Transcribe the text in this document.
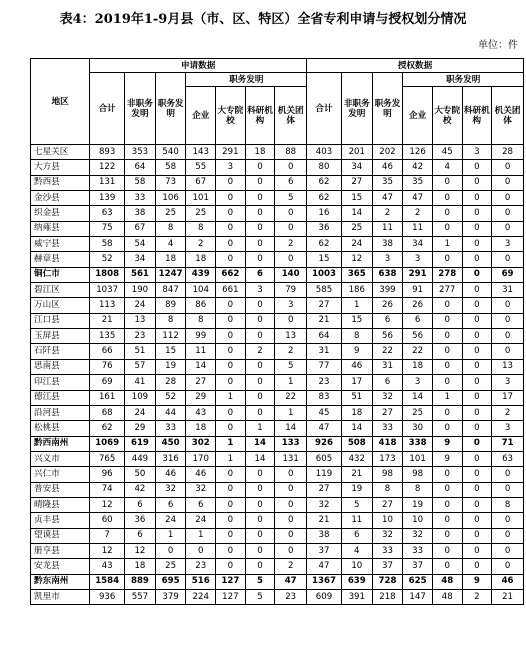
表4：2019年1-9月县（市、区、特区）全省专利申请与授权划分情况
单位：件
地区	申请数据							授权数据						
	合计	非职务发明	职务发明	职务发明				合计	非职务发明	职务发明	职务发明			
				企业	大专院校	科研机构	机关团体				企业	大专院校	科研机构	机关团体
七星关区	893	353	540	143	291	18	88	403	201	202	126	45	3	28
大方县	122	64	58	55	3	0	0	80	34	46	42	4	0	0
黔西县	131	58	73	67	0	0	6	62	27	35	35	0	0	0
金沙县	139	33	106	101	0	0	5	62	15	47	47	0	0	0
织金县	63	38	25	25	0	0	0	16	14	2	2	0	0	0
纳雍县	75	67	8	8	0	0	0	36	25	11	11	0	0	0
威宁县	58	54	4	2	0	0	2	62	24	38	34	1	0	3
赫章县	52	34	18	18	0	0	0	15	12	3	3	0	0	0
铜仁市	1808	561	1247	439	662	6	140	1003	365	638	291	278	0	69
碧江区	1037	190	847	104	661	3	79	585	186	399	91	277	0	31
万山区	113	24	89	86	0	0	3	27	1	26	26	0	0	0
江口县	21	13	8	8	0	0	0	21	15	6	6	0	0	0
玉屏县	135	23	112	99	0	0	13	64	8	56	56	0	0	0
石阡县	66	51	15	11	0	2	2	31	9	22	22	0	0	0
思南县	76	57	19	14	0	0	5	77	46	31	18	0	0	13
印江县	69	41	28	27	0	0	1	23	17	6	3	0	0	3
德江县	161	109	52	29	1	0	22	83	51	32	14	1	0	17
沿河县	68	24	44	43	0	0	1	45	18	27	25	0	0	2
松桃县	62	29	33	18	0	1	14	47	14	33	30	0	0	3
黔西南州	1069	619	450	302	1	14	133	926	508	418	338	9	0	71
兴义市	765	449	316	170	1	14	131	605	432	173	101	9	0	63
兴仁市	96	50	46	46	0	0	0	119	21	98	98	0	0	0
普安县	74	42	32	32	0	0	0	27	19	8	8	0	0	0
晴隆县	12	6	6	6	0	0	0	32	5	27	19	0	0	8
贞丰县	60	36	24	24	0	0	0	21	11	10	10	0	0	0
望谟县	7	6	1	1	0	0	0	38	6	32	32	0	0	0
册亨县	12	12	0	0	0	0	0	37	4	33	33	0	0	0
安龙县	43	18	25	23	0	0	2	47	10	37	37	0	0	0
黔东南州	1584	889	695	516	127	5	47	1367	639	728	625	48	9	46
凯里市	936	557	379	224	127	5	23	609	391	218	147	48	2	21
